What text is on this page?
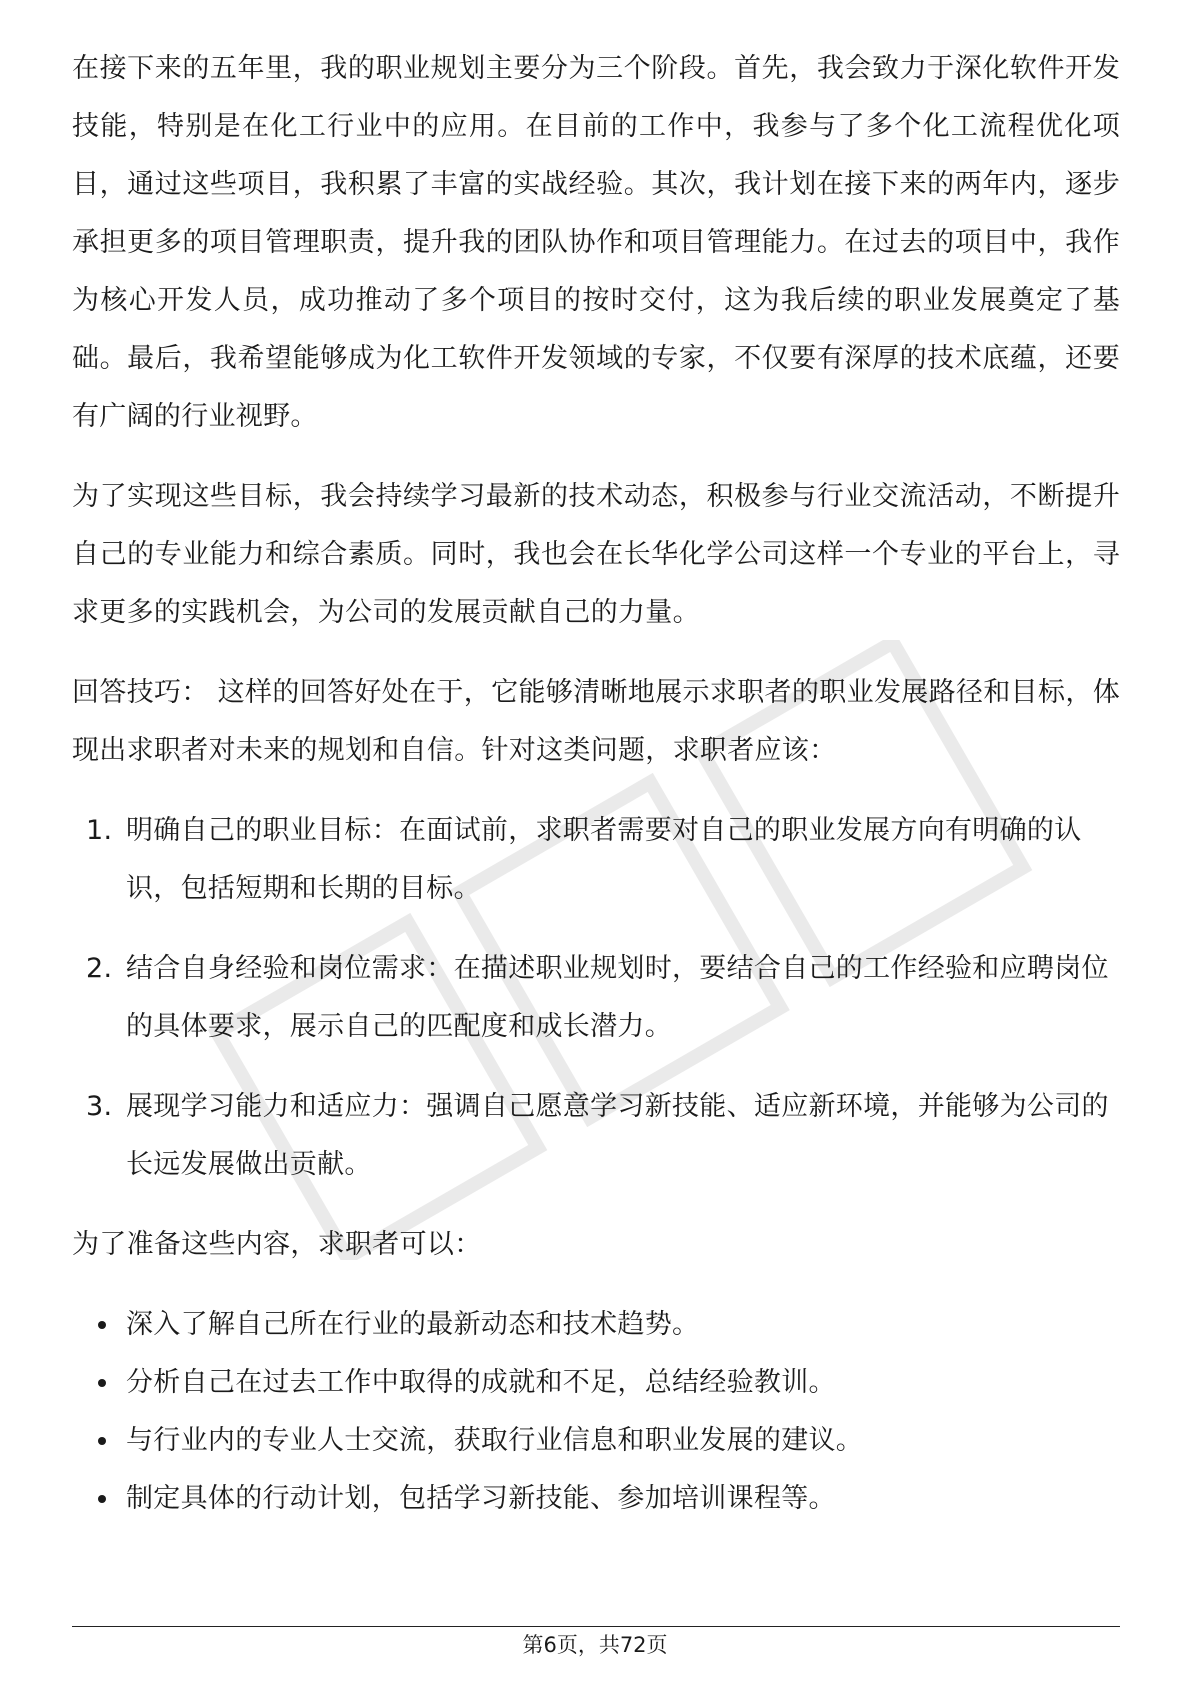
在接下来的五年里，我的职业规划主要分为三个阶段。首先，我会致力于深化软件开发技能，特别是在化工行业中的应用。在目前的工作中，我参与了多个化工流程优化项目，通过这些项目，我积累了丰富的实战经验。其次，我计划在接下来的两年内，逐步承担更多的项目管理职责，提升我的团队协作和项目管理能力。在过去的项目中，我作为核心开发人员，成功推动了多个项目的按时交付，这为我后续的职业发展奠定了基础。最后，我希望能够成为化工软件开发领域的专家，不仅要有深厚的技术底蕴，还要有广阔的行业视野。

为了实现这些目标，我会持续学习最新的技术动态，积极参与行业交流活动，不断提升自己的专业能力和综合素质。同时，我也会在长华化学公司这样一个专业的平台上，寻求更多的实践机会，为公司的发展贡献自己的力量。

回答技巧： 这样的回答好处在于，它能够清晰地展示求职者的职业发展路径和目标，体现出求职者对未来的规划和自信。针对这类问题，求职者应该：

1. 明确自己的职业目标：在面试前，求职者需要对自己的职业发展方向有明确的认识，包括短期和长期的目标。
2. 结合自身经验和岗位需求：在描述职业规划时，要结合自己的工作经验和应聘岗位的具体要求，展示自己的匹配度和成长潜力。
3. 展现学习能力和适应力：强调自己愿意学习新技能、适应新环境，并能够为公司的长远发展做出贡献。

为了准备这些内容，求职者可以：

深入了解自己所在行业的最新动态和技术趋势。
分析自己在过去工作中取得的成就和不足，总结经验教训。
与行业内的专业人士交流，获取行业信息和职业发展的建议。
制定具体的行动计划，包括学习新技能、参加培训课程等。
第6页，共72页
